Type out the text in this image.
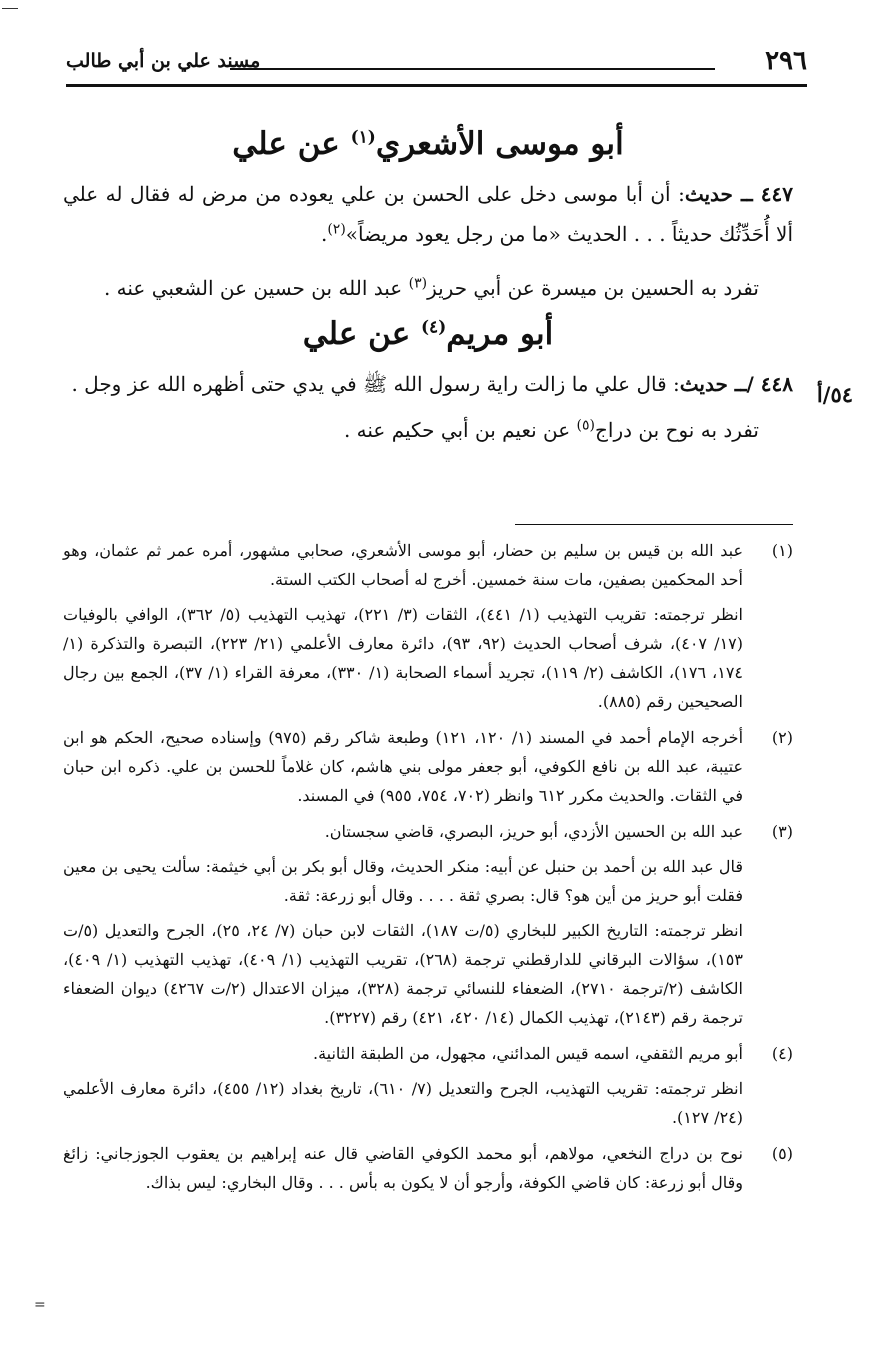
٢٩٦
مسند علي بن أبي طالب
٥٤/أ
أبو موسى الأشعري$^{(١)}$ عن علي

٤٤٧ ــ حديث: أن أبا موسى دخل على الحسن بن علي يعوده من مرض له فقال له علي ألا أُحَدِّثُك حديثاً . . . الحديث «ما من رجل يعود مريضاً»$^{(٢)}$.

تفرد به الحسين بن ميسرة عن أبي حريز$^{(٣)}$ عبد الله بن حسين عن الشعبي عنه .

أبو مريم$^{(٤)}$ عن علي

٤٤٨ /ــ حديث: قال علي ما زالت راية رسول الله ﷺ في يدي حتى أظهره الله عز وجل .

تفرد به نوح بن دراج$^{(٥)}$ عن نعيم بن أبي حكيم عنه .

(١)

عبد الله بن قيس بن سليم بن حضار، أبو موسى الأشعري، صحابي مشهور، أمره عمر ثم عثمان، وهو أحد المحكمين بصفين، مات سنة خمسين. أخرج له أصحاب الكتب الستة.

انظر ترجمته: تقريب التهذيب (١/ ٤٤١)، الثقات (٣/ ٢٢١)، تهذيب التهذيب (٥/ ٣٦٢)، الوافي بالوفيات (١٧/ ٤٠٧)، شرف أصحاب الحديث (٩٢، ٩٣)، دائرة معارف الأعلمي (٢١/ ٢٢٣)، التبصرة والتذكرة (١/ ١٧٤، ١٧٦)، الكاشف (٢/ ١١٩)، تجريد أسماء الصحابة (١/ ٣٣٠)، معرفة القراء (١/ ٣٧)، الجمع بين رجال الصحيحين رقم (٨٨٥).

(٢)

أخرجه الإمام أحمد في المسند (١/ ١٢٠، ١٢١) وطبعة شاكر رقم (٩٧٥) وإسناده صحيح، الحكم هو ابن عتيبة، عبد الله بن نافع الكوفي، أبو جعفر مولى بني هاشم، كان غلاماً للحسن بن علي. ذكره ابن حبان في الثقات. والحديث مكرر ٦١٢ وانظر (٧٠٢، ٧٥٤، ٩٥٥) في المسند.

(٣)

عبد الله بن الحسين الأزدي، أبو حريز، البصري، قاضي سجستان.

قال عبد الله بن أحمد بن حنبل عن أبيه: منكر الحديث، وقال أبو بكر بن أبي خيثمة: سألت يحيى بن معين فقلت أبو حريز من أين هو؟ قال: بصري ثقة . . . . وقال أبو زرعة: ثقة.

انظر ترجمته: التاريخ الكبير للبخاري (٥/ت ١٨٧)، الثقات لابن حبان (٧/ ٢٤، ٢٥)، الجرح والتعديل (٥/ت ١٥٣)، سؤالات البرقاني للدارقطني ترجمة (٢٦٨)، تقريب التهذيب (١/ ٤٠٩)، تهذيب التهذيب (١/ ٤٠٩)، الكاشف (٢/ترجمة ٢٧١٠)، الضعفاء للنسائي ترجمة (٣٢٨)، ميزان الاعتدال (٢/ت ٤٢٦٧) ديوان الضعفاء ترجمة رقم (٢١٤٣)، تهذيب الكمال (١٤/ ٤٢٠، ٤٢١) رقم (٣٢٢٧).

(٤)

أبو مريم الثقفي، اسمه قيس المدائني، مجهول، من الطبقة الثانية.

انظر ترجمته: تقريب التهذيب، الجرح والتعديل (٧/ ٦١٠)، تاريخ بغداد (١٢/ ٤٥٥)، دائرة معارف الأعلمي (٢٤/ ١٢٧).

(٥)

نوح بن دراج النخعي، مولاهم، أبو محمد الكوفي القاضي قال عنه إبراهيم بن يعقوب الجوزجاني: زائغ وقال أبو زرعة: كان قاضي الكوفة، وأرجو أن لا يكون به بأس . . . وقال البخاري: ليس بذاك.

=
